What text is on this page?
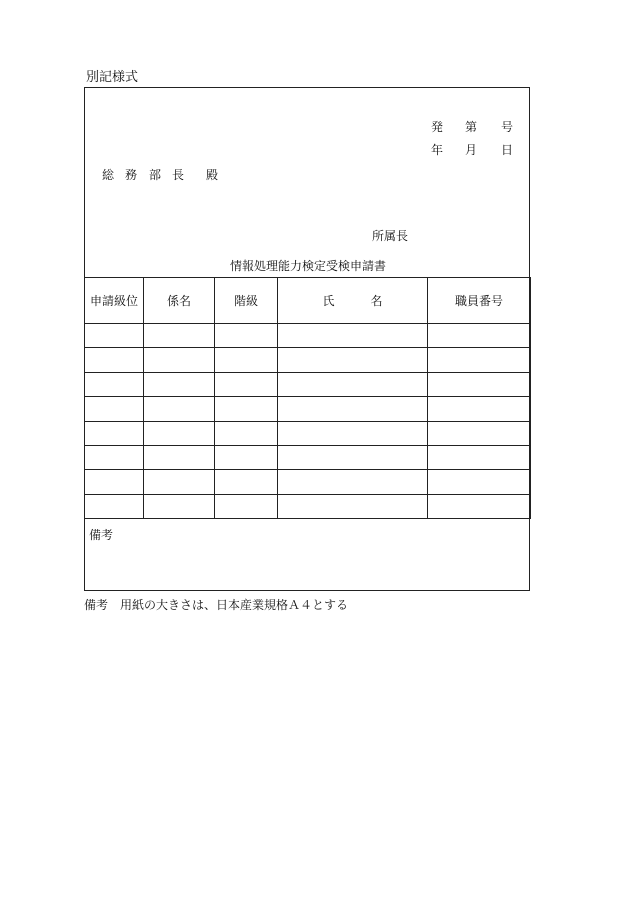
別記様式
発 第 号
年 月 日
総 務 部 長 殿
所属長
情報処理能力検定受検申請書
申請級位	係名	階級	氏　　　名	職員番号

備考
備考　用紙の大きさは、日本産業規格Ａ４とする
